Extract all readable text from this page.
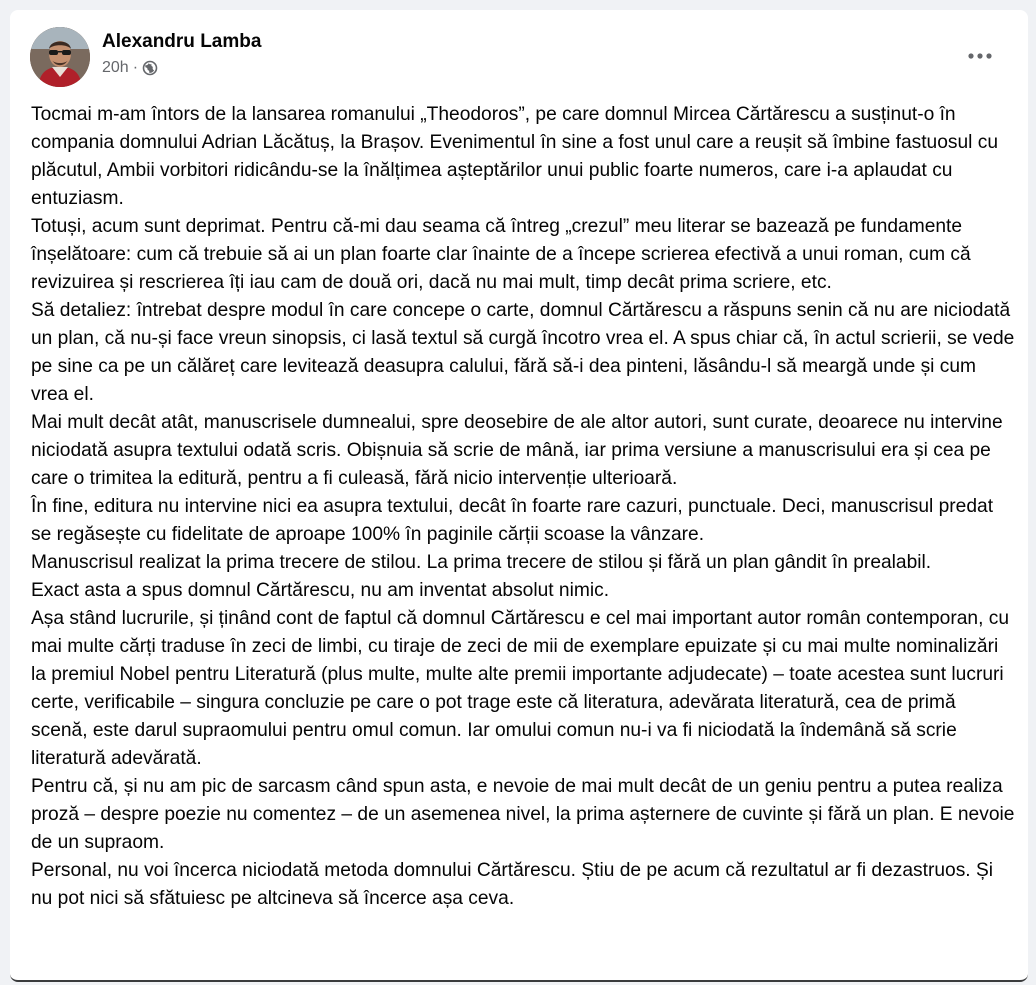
Alexandru Lamba
20h ·

Tocmai m-am întors de la lansarea romanului „Theodoros”, pe care domnul Mircea Cărtărescu a susținut-o în compania domnului Adrian Lăcătuș, la Brașov. Evenimentul în sine a fost unul care a reușit să îmbine fastuosul cu plăcutul, Ambii vorbitori ridicându-se la înălțimea așteptărilor unui public foarte numeros, care i-a aplaudat cu entuziasm.

Totuși, acum sunt deprimat. Pentru că-mi dau seama că întreg „crezul” meu literar se bazează pe fundamente înșelătoare: cum că trebuie să ai un plan foarte clar înainte de a începe scrierea efectivă a unui roman, cum că revizuirea și rescrierea îți iau cam de două ori, dacă nu mai mult, timp decât prima scriere, etc.

Să detaliez: întrebat despre modul în care concepe o carte, domnul Cărtărescu a răspuns senin că nu are niciodată un plan, că nu-și face vreun sinopsis, ci lasă textul să curgă încotro vrea el. A spus chiar că, în actul scrierii, se vede pe sine ca pe un călăreț care levitează deasupra calului, fără să-i dea pinteni, lăsându-l să meargă unde și cum vrea el.

Mai mult decât atât, manuscrisele dumnealui, spre deosebire de ale altor autori, sunt curate, deoarece nu intervine niciodată asupra textului odată scris. Obișnuia să scrie de mână, iar prima versiune a manuscrisului era și cea pe care o trimitea la editură, pentru a fi culeasă, fără nicio intervenție ulterioară.

În fine, editura nu intervine nici ea asupra textului, decât în foarte rare cazuri, punctuale. Deci, manuscrisul predat se regăsește cu fidelitate de aproape 100% în paginile cărții scoase la vânzare.

Manuscrisul realizat la prima trecere de stilou. La prima trecere de stilou și fără un plan gândit în prealabil.

Exact asta a spus domnul Cărtărescu, nu am inventat absolut nimic.

Așa stând lucrurile, și ținând cont de faptul că domnul Cărtărescu e cel mai important autor român contemporan, cu mai multe cărți traduse în zeci de limbi, cu tiraje de zeci de mii de exemplare epuizate și cu mai multe nominalizări la premiul Nobel pentru Literatură (plus multe, multe alte premii importante adjudecate) – toate acestea sunt lucruri certe, verificabile – singura concluzie pe care o pot trage este că literatura, adevărata literatură, cea de primă scenă, este darul supraomului pentru omul comun. Iar omului comun nu-i va fi niciodată la îndemână să scrie literatură adevărată.

Pentru că, și nu am pic de sarcasm când spun asta, e nevoie de mai mult decât de un geniu pentru a putea realiza proză – despre poezie nu comentez – de un asemenea nivel, la prima așternere de cuvinte și fără un plan. E nevoie de un supraom.

Personal, nu voi încerca niciodată metoda domnului Cărtărescu. Știu de pe acum că rezultatul ar fi dezastruos. Și nu pot nici să sfătuiesc pe altcineva să încerce așa ceva.
